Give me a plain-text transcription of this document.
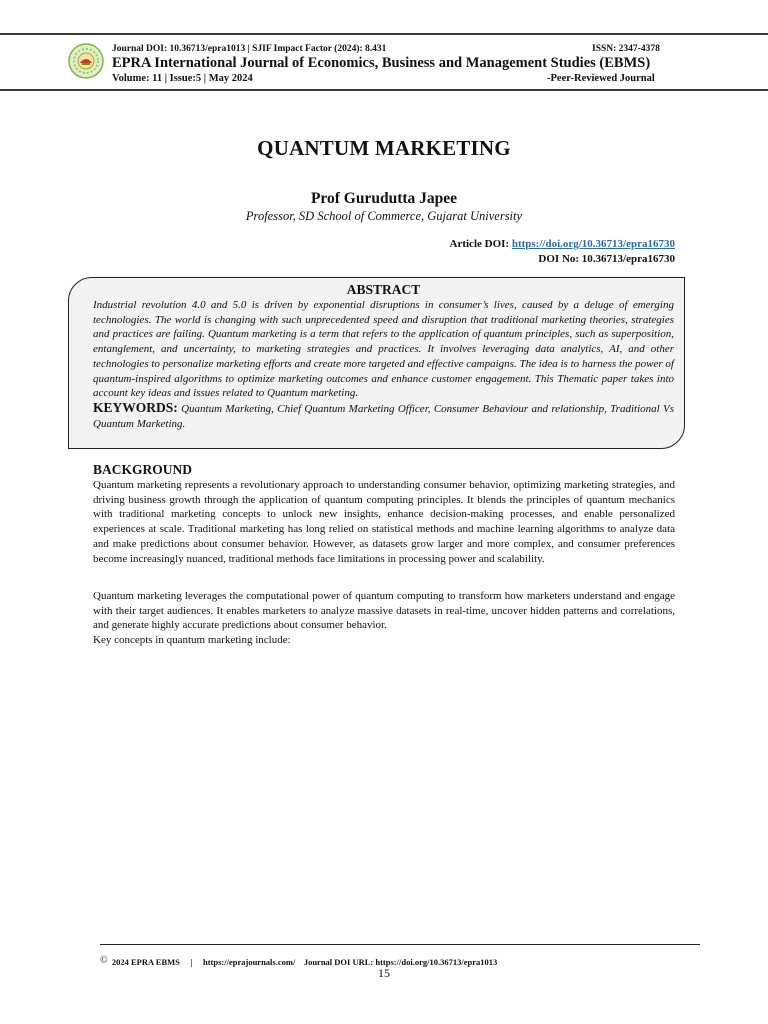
Journal DOI: 10.36713/epra1013 | SJIF Impact Factor (2024): 8.431	ISSN: 2347-4378
EPRA International Journal of Economics, Business and Management Studies (EBMS)
Volume: 11 | Issue:5 | May 2024	-Peer-Reviewed Journal
QUANTUM MARKETING
Prof Gurudutta Japee
Professor, SD School of Commerce, Gujarat University
Article DOI: https://doi.org/10.36713/epra16730
DOI No: 10.36713/epra16730
ABSTRACT
Industrial revolution 4.0 and 5.0 is driven by exponential disruptions in consumer’s lives, caused by a deluge of emerging technologies. The world is changing with such unprecedented speed and disruption that traditional marketing theories, strategies and practices are failing. Quantum marketing is a term that refers to the application of quantum principles, such as superposition, entanglement, and uncertainty, to marketing strategies and practices. It involves leveraging data analytics, AI, and other technologies to personalize marketing efforts and create more targeted and effective campaigns. The idea is to harness the power of quantum-inspired algorithms to optimize marketing outcomes and enhance customer engagement. This Thematic paper takes into account key ideas and issues related to Quantum marketing.
KEYWORDS: Quantum Marketing, Chief Quantum Marketing Officer, Consumer Behaviour and relationship, Traditional Vs Quantum Marketing.
BACKGROUND
Quantum marketing represents a revolutionary approach to understanding consumer behavior, optimizing marketing strategies, and driving business growth through the application of quantum computing principles. It blends the principles of quantum mechanics with traditional marketing concepts to unlock new insights, enhance decision-making processes, and enable personalized experiences at scale. Traditional marketing has long relied on statistical methods and machine learning algorithms to analyze data and make predictions about consumer behavior. However, as datasets grow larger and more complex, and consumer preferences become increasingly nuanced, traditional methods face limitations in processing power and scalability.
Quantum marketing leverages the computational power of quantum computing to transform how marketers understand and engage with their target audiences. It enables marketers to analyze massive datasets in real-time, uncover hidden patterns and correlations, and generate highly accurate predictions about consumer behavior.
Key concepts in quantum marketing include:
© 2024 EPRA EBMS | https://eprajournals.com/ Journal DOI URL: https://doi.org/10.36713/epra1013
15
